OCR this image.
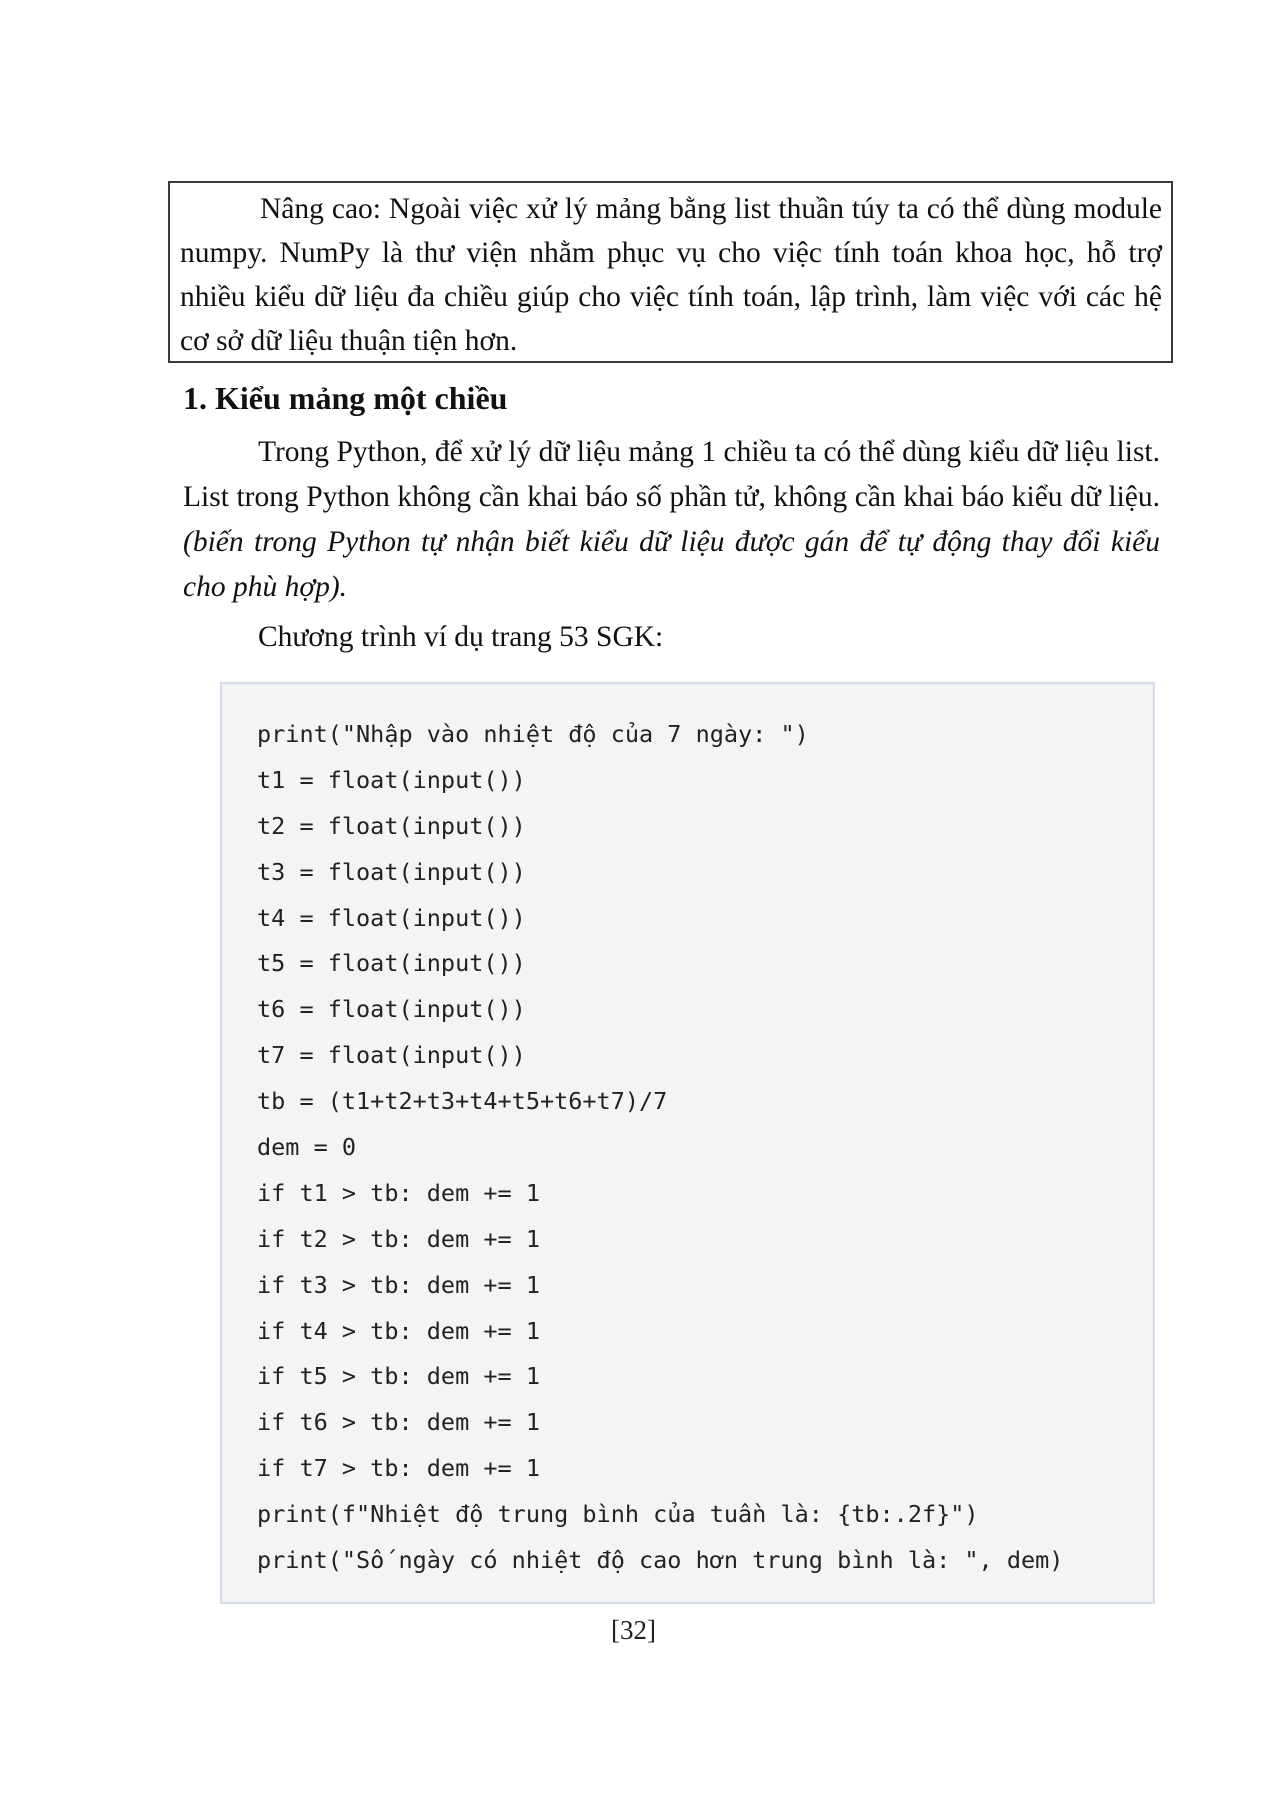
Nâng cao: Ngoài việc xử lý mảng bằng list thuần túy ta có thể dùng module numpy. NumPy là thư viện nhằm phục vụ cho việc tính toán khoa học, hỗ trợ nhiều kiểu dữ liệu đa chiều giúp cho việc tính toán, lập trình, làm việc với các hệ cơ sở dữ liệu thuận tiện hơn.

1. Kiểu mảng một chiều

Trong Python, để xử lý dữ liệu mảng 1 chiều ta có thể dùng kiểu dữ liệu list. List trong Python không cần khai báo số phần tử, không cần khai báo kiểu dữ liệu. (biến trong Python tự nhận biết kiểu dữ liệu được gán để tự động thay đổi kiểu cho phù hợp).

Chương trình ví dụ trang 53 SGK:

print("Nhập vào nhiệt độ của 7 ngày: ")
t1 = float(input())
t2 = float(input())
t3 = float(input())
t4 = float(input())
t5 = float(input())
t6 = float(input())
t7 = float(input())
tb = (t1+t2+t3+t4+t5+t6+t7)/7
dem = 0
if t1 > tb: dem += 1
if t2 > tb: dem += 1
if t3 > tb: dem += 1
if t4 > tb: dem += 1
if t5 > tb: dem += 1
if t6 > tb: dem += 1
if t7 > tb: dem += 1
print(f"Nhiệt độ trung bình của tuần là: {tb:.2f}")
print("Số ngày có nhiệt độ cao hơn trung bình là: ", dem)

[32]
